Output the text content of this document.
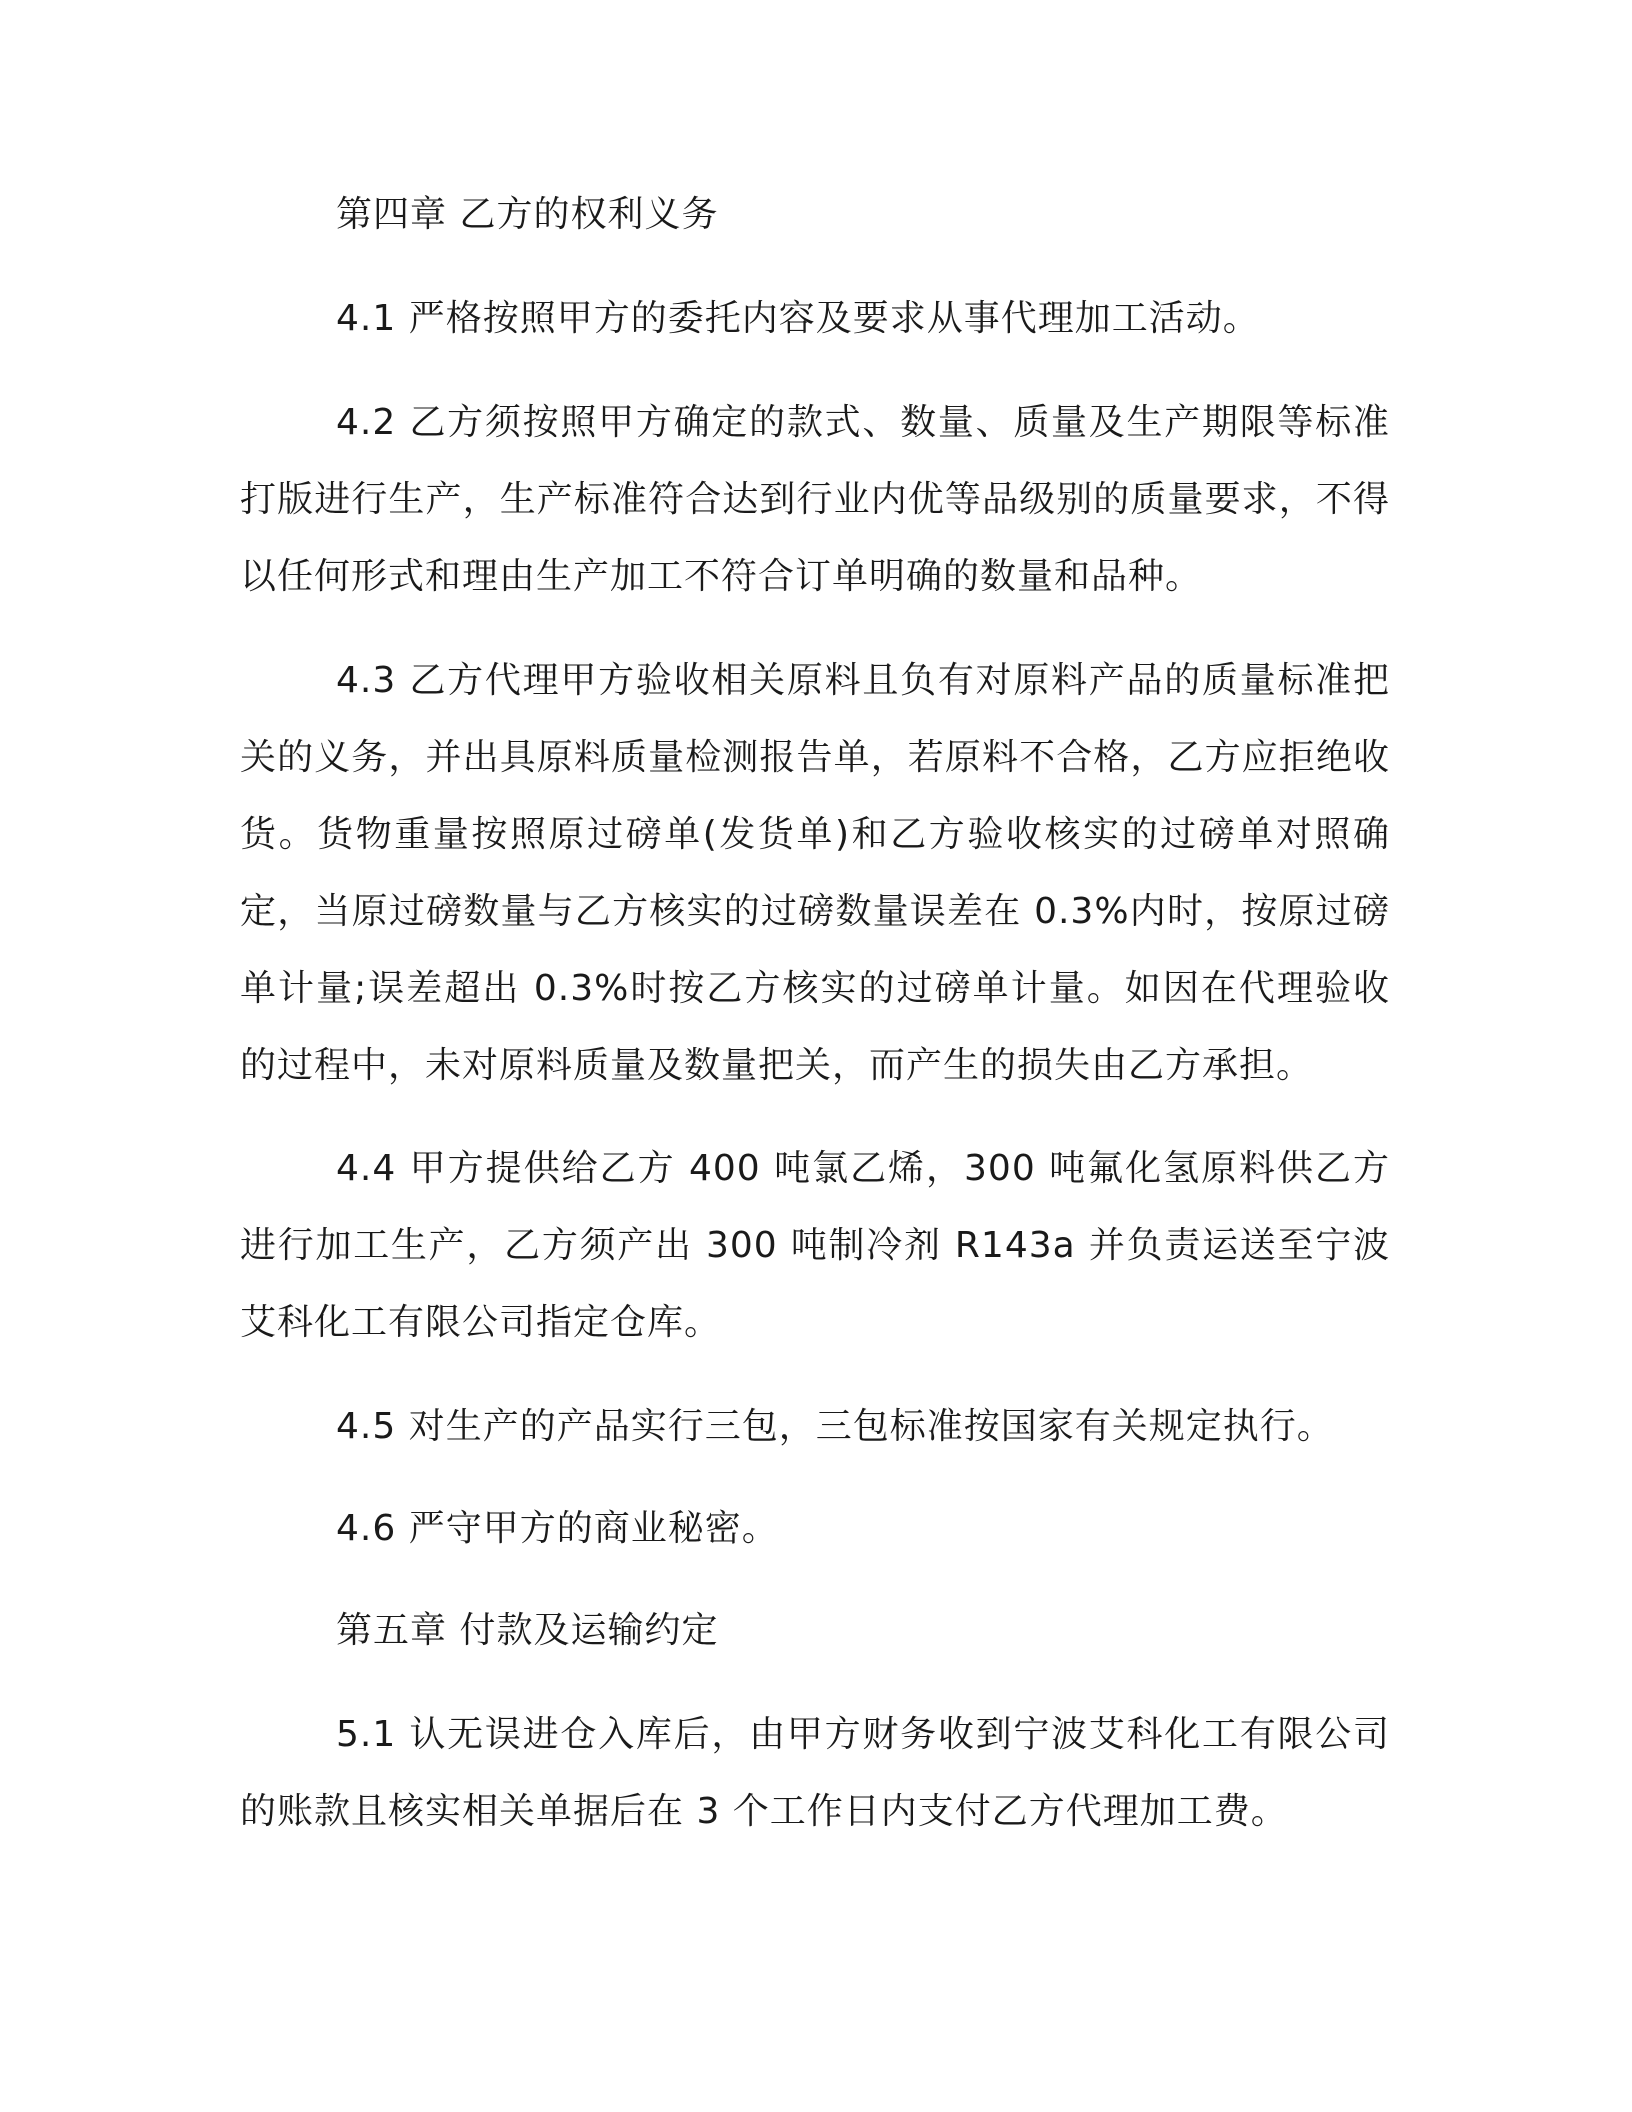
第四章 乙方的权利义务

4.1 严格按照甲方的委托内容及要求从事代理加工活动。

4.2 乙方须按照甲方确定的款式、数量、质量及生产期限等标准打版进行生产，生产标准符合达到行业内优等品级别的质量要求，不得以任何形式和理由生产加工不符合订单明确的数量和品种。

4.3 乙方代理甲方验收相关原料且负有对原料产品的质量标准把关的义务，并出具原料质量检测报告单，若原料不合格，乙方应拒绝收货。货物重量按照原过磅单(发货单)和乙方验收核实的过磅单对照确定，当原过磅数量与乙方核实的过磅数量误差在 0.3%内时，按原过磅单计量;误差超出 0.3%时按乙方核实的过磅单计量。如因在代理验收的过程中，未对原料质量及数量把关，而产生的损失由乙方承担。

4.4 甲方提供给乙方 400 吨氯乙烯，300 吨氟化氢原料供乙方进行加工生产，乙方须产出 300 吨制冷剂 R143a 并负责运送至宁波艾科化工有限公司指定仓库。

4.5 对生产的产品实行三包，三包标准按国家有关规定执行。

4.6 严守甲方的商业秘密。

第五章 付款及运输约定

5.1 认无误进仓入库后，由甲方财务收到宁波艾科化工有限公司的账款且核实相关单据后在 3 个工作日内支付乙方代理加工费。
